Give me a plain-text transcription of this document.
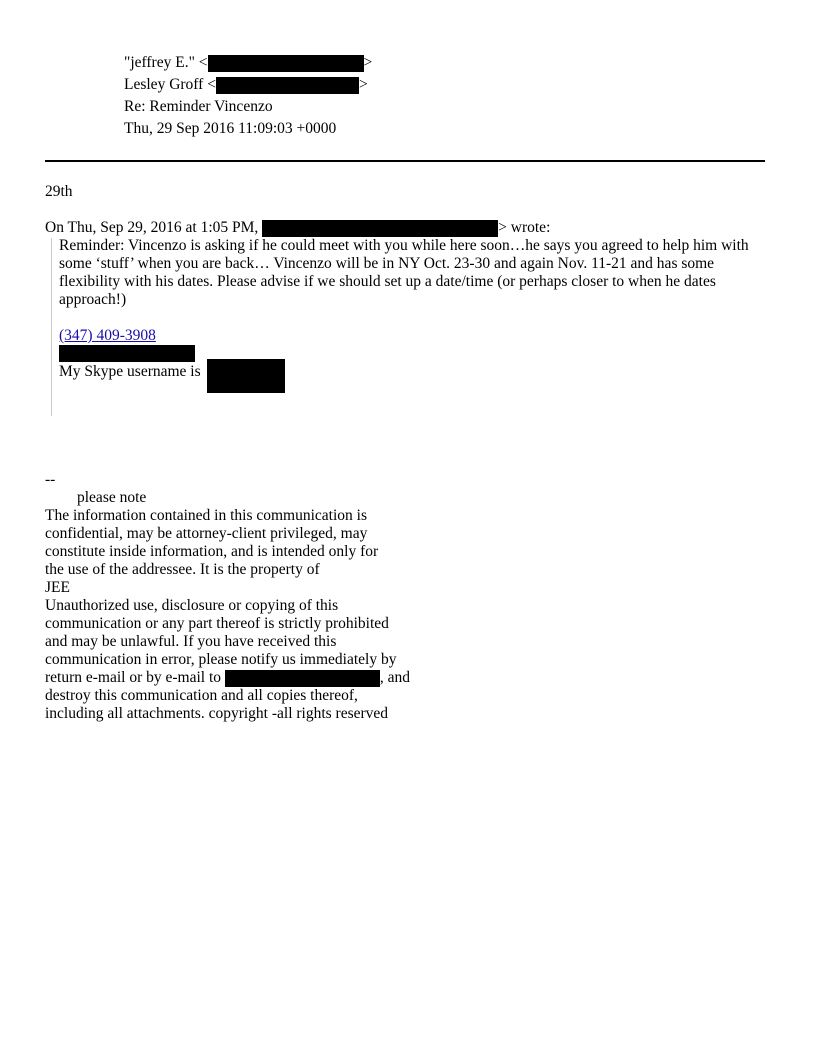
"jeffrey E." <	>
Lesley Groff <	>
Re: Reminder Vincenzo
Thu, 29 Sep 2016 11:09:03 +0000
29th
On Thu, Sep 29, 2016 at 1:05 PM,	> wrote:
Reminder: Vincenzo is asking if he could meet with you while here soon…he says you agreed to help him with some ‘stuff’ when you are back… Vincenzo will be in NY Oct. 23-30 and again Nov. 11-21 and has some flexibility with his dates. Please advise if we should set up a date/time (or perhaps closer to when he dates approach!)
(347) 409-3908
My Skype username is
--
please note
The information contained in this communication is
confidential, may be attorney-client privileged, may
constitute inside information, and is intended only for
the use of the addressee. It is the property of
JEE
Unauthorized use, disclosure or copying of this
communication or any part thereof is strictly prohibited
and may be unlawful. If you have received this
communication in error, please notify us immediately by
return e-mail or by e-mail to	, and
destroy this communication and all copies thereof,
including all attachments. copyright -all rights reserved
